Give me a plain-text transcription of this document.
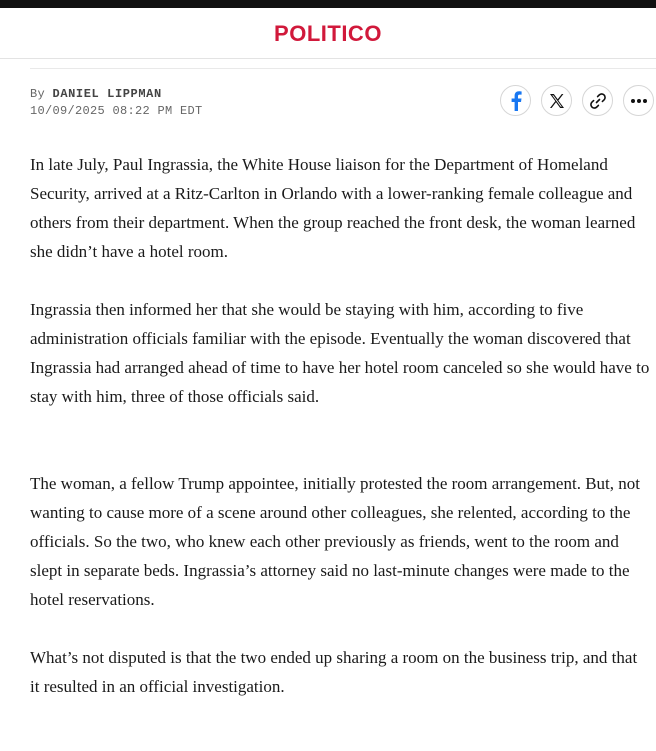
POLITICO
By DANIEL LIPPMAN
10/09/2025 08:22 PM EDT

In late July, Paul Ingrassia, the White House liaison for the Department of Homeland Security, arrived at a Ritz-Carlton in Orlando with a lower-ranking female colleague and others from their department. When the group reached the front desk, the woman learned she didn’t have a hotel room.

Ingrassia then informed her that she would be staying with him, according to five administration officials familiar with the episode. Eventually the woman discovered that Ingrassia had arranged ahead of time to have her hotel room canceled so she would have to stay with him, three of those officials said.

The woman, a fellow Trump appointee, initially protested the room arrangement. But, not wanting to cause more of a scene around other colleagues, she relented, according to the officials. So the two, who knew each other previously as friends, went to the room and slept in separate beds. Ingrassia’s attorney said no last-minute changes were made to the hotel reservations.

What’s not disputed is that the two ended up sharing a room on the business trip, and that it resulted in an official investigation.
